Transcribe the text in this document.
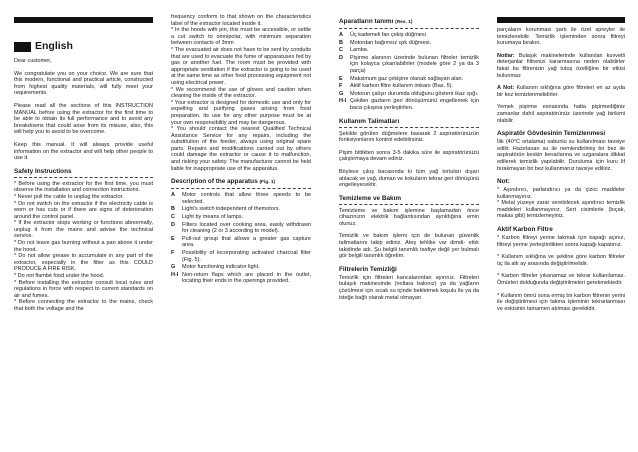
English

Dear customer,

We congratulate you on your choice. We are sure that this modern, functional and practical article, constructed from highest quality materials, will fully meet your requirements.

Please read all the sections of this INSTRUCTION MANUAL before using the extractor for the first time to be able to obtain its full performance and to avoid any breakdowns that could arise from its misuse, also, this will help you to avoid to be overcome.

Keep this manual. It will always provide useful information on the extractor and will help other people to use it.

Safety Instructions
* Before using the extractor for the first time, you must observe the installation and connection instructions.
* Never pull the cable to unplug the extractor.
* Do not switch on the extractor if the electricity cable is worn or has cuts or if there are signs of deterioration around the control panel.
* If the extractor stops working or functions abnormally, unplug it from the mains and advise the technical service.
* Do not leave gas burning without a pan above it under the hood.
* Do not allow grease to accumulate in any part of the extractor, especially in the filter as this COULD PRODUCE A FIRE RISK.
* Do not flambé food under the hood.
* Before installing the extractor consult local rules and regulations in force with respect to current standards on air and fumes.
* Before connecting the extractor to the mains, check that both the voltage and the
frequency conform to that shown on the characteristics label of the extractor located inside it.
* In the hoods with pin, this must be accessible, or settle a cut switch to omnipolar, with minimum separation between contacts of 3mm
* The evacuated air does not have to be sent by conduits that are used to evacuate the fume of apparatuses fed by gas or another fuel. The room must be provided with appropriate ventilation if the extractor is going to be used at the same time as other food processing equipment not using electrical power.
* We recommend the use of gloves and caution when cleaning the inside of the extractor.
* Your extractor is designed for domestic use and only for expelling and purifying gases arising from food preparation. Its use for any other purpose must be at your own responsibility and may be dangerous.
* You should contact the nearest Qualified Technical Assistance Service for any repairs, including the substitution of the feeder, always using original spare parts. Repairs and modifications carried out by others could damage the extractor or cause it to malfunction, and risking your safety. The manufacturer cannot be held liable for inappropriate use of the apparatus.
Description of the apparatus (Fig. 1)
A	Motor controls that allow three speeds to be selected.
B	Light's switch independent of themotors.
C	Light by means of lamps.
D	Filters located over cooking area, easily withdrawn for cleaning (2 or 3 according to model).
E	Pull-out group that allows a greater gas capture area.
F	Possibility of incorporating activated charcoal filter (Fig. 5).
G	Motor functioning indicator light.
H-I Non-return flaps which are placed in the outlet, locating their ends in the openings provided.
Aparatların tanımı (Res. 1)
A	Üç kademeli fan çekiş düğmesi
B	Motordan bağımsız ışık düğmesi.
C	Lamba.
D	Pişirme alanının üzerinde bulunan filtreler temizlik için kolayca çıkarılabilirler (modele göre 2 ya da 3 parça)
E	Maksimum gaz çekişine olanak sağlayan alan.
F	Aktif karbon filtre kullanım imkanı (Bas. 5).
G	Motorun çalışır durumda olduğunu gösterir ikaz ışığı.
H-I Çekilen gazların geri dönüşümünü engellemek için baca çıkışına yerleştirilen.
Kullanım Talimatları

Şekilde görülen düğmelere basarak 2 aspiratörünüzün fonksiyonlarını kontrol edebilirsiniz.

Pişim bittikten sonra 3-5 dakika süre ile aspiratörünüzü çalıştırmaya devam ediniz.

Böylece çıkış bacasında ki tüm yağ tortuları dışarı atılacak ve yağ, duman ve kokuların tekrar geri dönüşünü engelleyecektir.

Temizleme ve Bakım

Temizleme ve bakım işlemine başlamadan önce cihazınızın elektrik bağlantısından ayrıldığına emin olunuz.

Temizlik ve bakım işlemi için de bulunan güvenlik talimatlarını takip ediniz. Ateş tehlike var dimdi- ettık takidinde adı. Şu belgili tanımlık tasfiye değil yer bulmalı gör belgili tanımlık öğretim.

Filtrelerin Temizliği

Temizlik için filtreleri kancalarından ayırınız. Filtreleri bulaşık makinesinde (noltara bakınız) ya da yağların çözülmesi için sıcak su içinde bekletmek koşulu ile ya da isteğe bağlı olarak metal olmayan

parçaların korunması şartı ile özel spreyler ile temizlenebilir. Temizlik işleminden sonra filtreyi kurumaya bırakın.

Notlar: Bulaşık makinelerinde kullanılan kuvvetli deterjanlar filtrenizi kararmasına neden olabilirler fakat bu filtrenizin yağ tutuş özelliğine bir etkisi bulunmaz

A Not: Kullanım sıklığına göre filtreleri en az ayda bir kez temizlenmelidirler.

Yemek pişirme esnasında hatta pişirmediğiniz zamanlar dahil aspiratörünüz üzerinde yağ birikimi olabilir.

Aspiratör Gövdesinin Temizlenmesi

İlik (40°C ortalama) sabunlu su kullanılması tavsiye edilir. Hazırlanan su ile nemlendirilmiş bir bez ile aspiratörün keskin kenarlarına ve uzgaralara dikkat edilerek temizlik yapılabilir. Duruluma için kuru lif bırakmayan bir bez kullanmanız tavsiye ediliriz.

Not:
* Aşındırıcı, parlandırıcı ya da çizici maddeler kullanmayınız.
* Metal yüzeye zarar verebilecek aşındırıcı temizlik maddeleri kullanmayınız. Sert cisimlerle (bıçak, makas gibi) temizlemeyiniz.
Aktif Karbon Filtre

* Karbon filtreyi yerine takmak için kapağı açınız, filtreyi yerine yerleştirdikten sonra kapağı kapatınız.

* Kullanım sıklığına ve şekline göre karbon filtreler üç ila altı ay arasında değiştirilmelidir.

* Karbon filtreler yıkanamaz ve tekrar kullanılamaz. Ömürleri dolduğunda değiştirilmeleri gerekmektedir.

* Kullanım ömrü sona ermiş bir karbon filtrenin yerini ile değiştirilmesi için takma işleminin tekrarlanması ve eskisinin tamamen atılması gerekildir.
